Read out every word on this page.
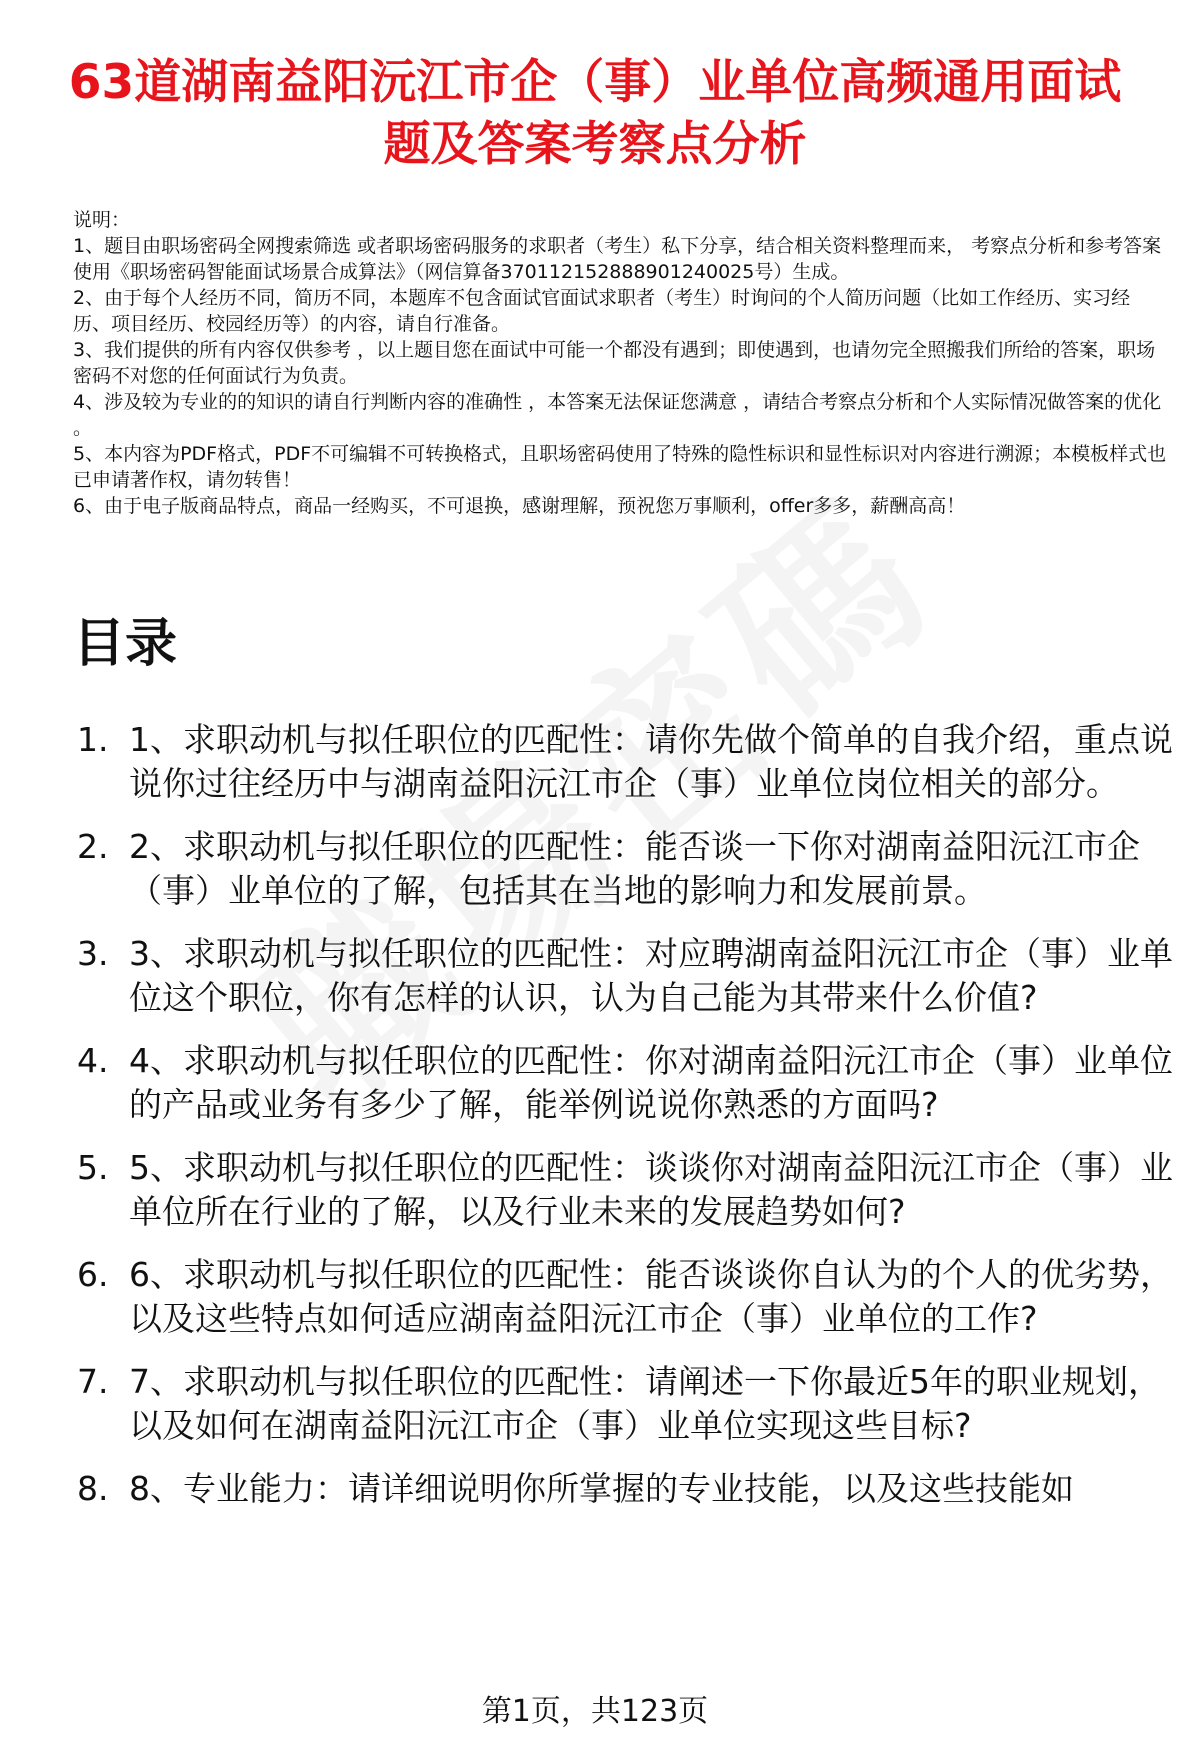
63道湖南益阳沅江市企（事）业单位高频通用面试题及答案考察点分析

说明：

1、题目由职场密码全网搜索筛选 或者职场密码服务的求职者（考生）私下分享，结合相关资料整理而来， 考察点分析和参考答案使用《职场密码智能面试场景合成算法》（网信算备370112152888901240025号）生成。

2、由于每个人经历不同，简历不同，本题库不包含面试官面试求职者（考生）时询问的个人简历问题（比如工作经历、实习经历、项目经历、校园经历等）的内容，请自行准备。

3、我们提供的所有内容仅供参考 ，以上题目您在面试中可能一个都没有遇到；即使遇到，也请勿完全照搬我们所给的答案，职场密码不对您的任何面试行为负责。

4、涉及较为专业的的知识的请自行判断内容的准确性 ，本答案无法保证您满意 ，请结合考察点分析和个人实际情况做答案的优化 。

5、本内容为PDF格式，PDF不可编辑不可转换格式，且职场密码使用了特殊的隐性标识和显性标识对内容进行溯源；本模板样式也已申请著作权，请勿转售！

6、由于电子版商品特点，商品一经购买，不可退换，感谢理解，预祝您万事顺利，offer多多，薪酬高高！

目录
1. 1、求职动机与拟任职位的匹配性：请你先做个简单的自我介绍，重点说说你过往经历中与湖南益阳沅江市企（事）业单位岗位相关的部分。
2. 2、求职动机与拟任职位的匹配性：能否谈一下你对湖南益阳沅江市企（事）业单位的了解，包括其在当地的影响力和发展前景。
3. 3、求职动机与拟任职位的匹配性：对应聘湖南益阳沅江市企（事）业单位这个职位，你有怎样的认识，认为自己能为其带来什么价值?
4. 4、求职动机与拟任职位的匹配性：你对湖南益阳沅江市企（事）业单位的产品或业务有多少了解，能举例说说你熟悉的方面吗?
5. 5、求职动机与拟任职位的匹配性：谈谈你对湖南益阳沅江市企（事）业单位所在行业的了解，以及行业未来的发展趋势如何?
6. 6、求职动机与拟任职位的匹配性：能否谈谈你自认为的个人的优劣势，以及这些特点如何适应湖南益阳沅江市企（事）业单位的工作?
7. 7、求职动机与拟任职位的匹配性：请阐述一下你最近5年的职业规划，以及如何在湖南益阳沅江市企（事）业单位实现这些目标?
8. 8、专业能力：请详细说明你所掌握的专业技能，以及这些技能如
第1页，共123页
